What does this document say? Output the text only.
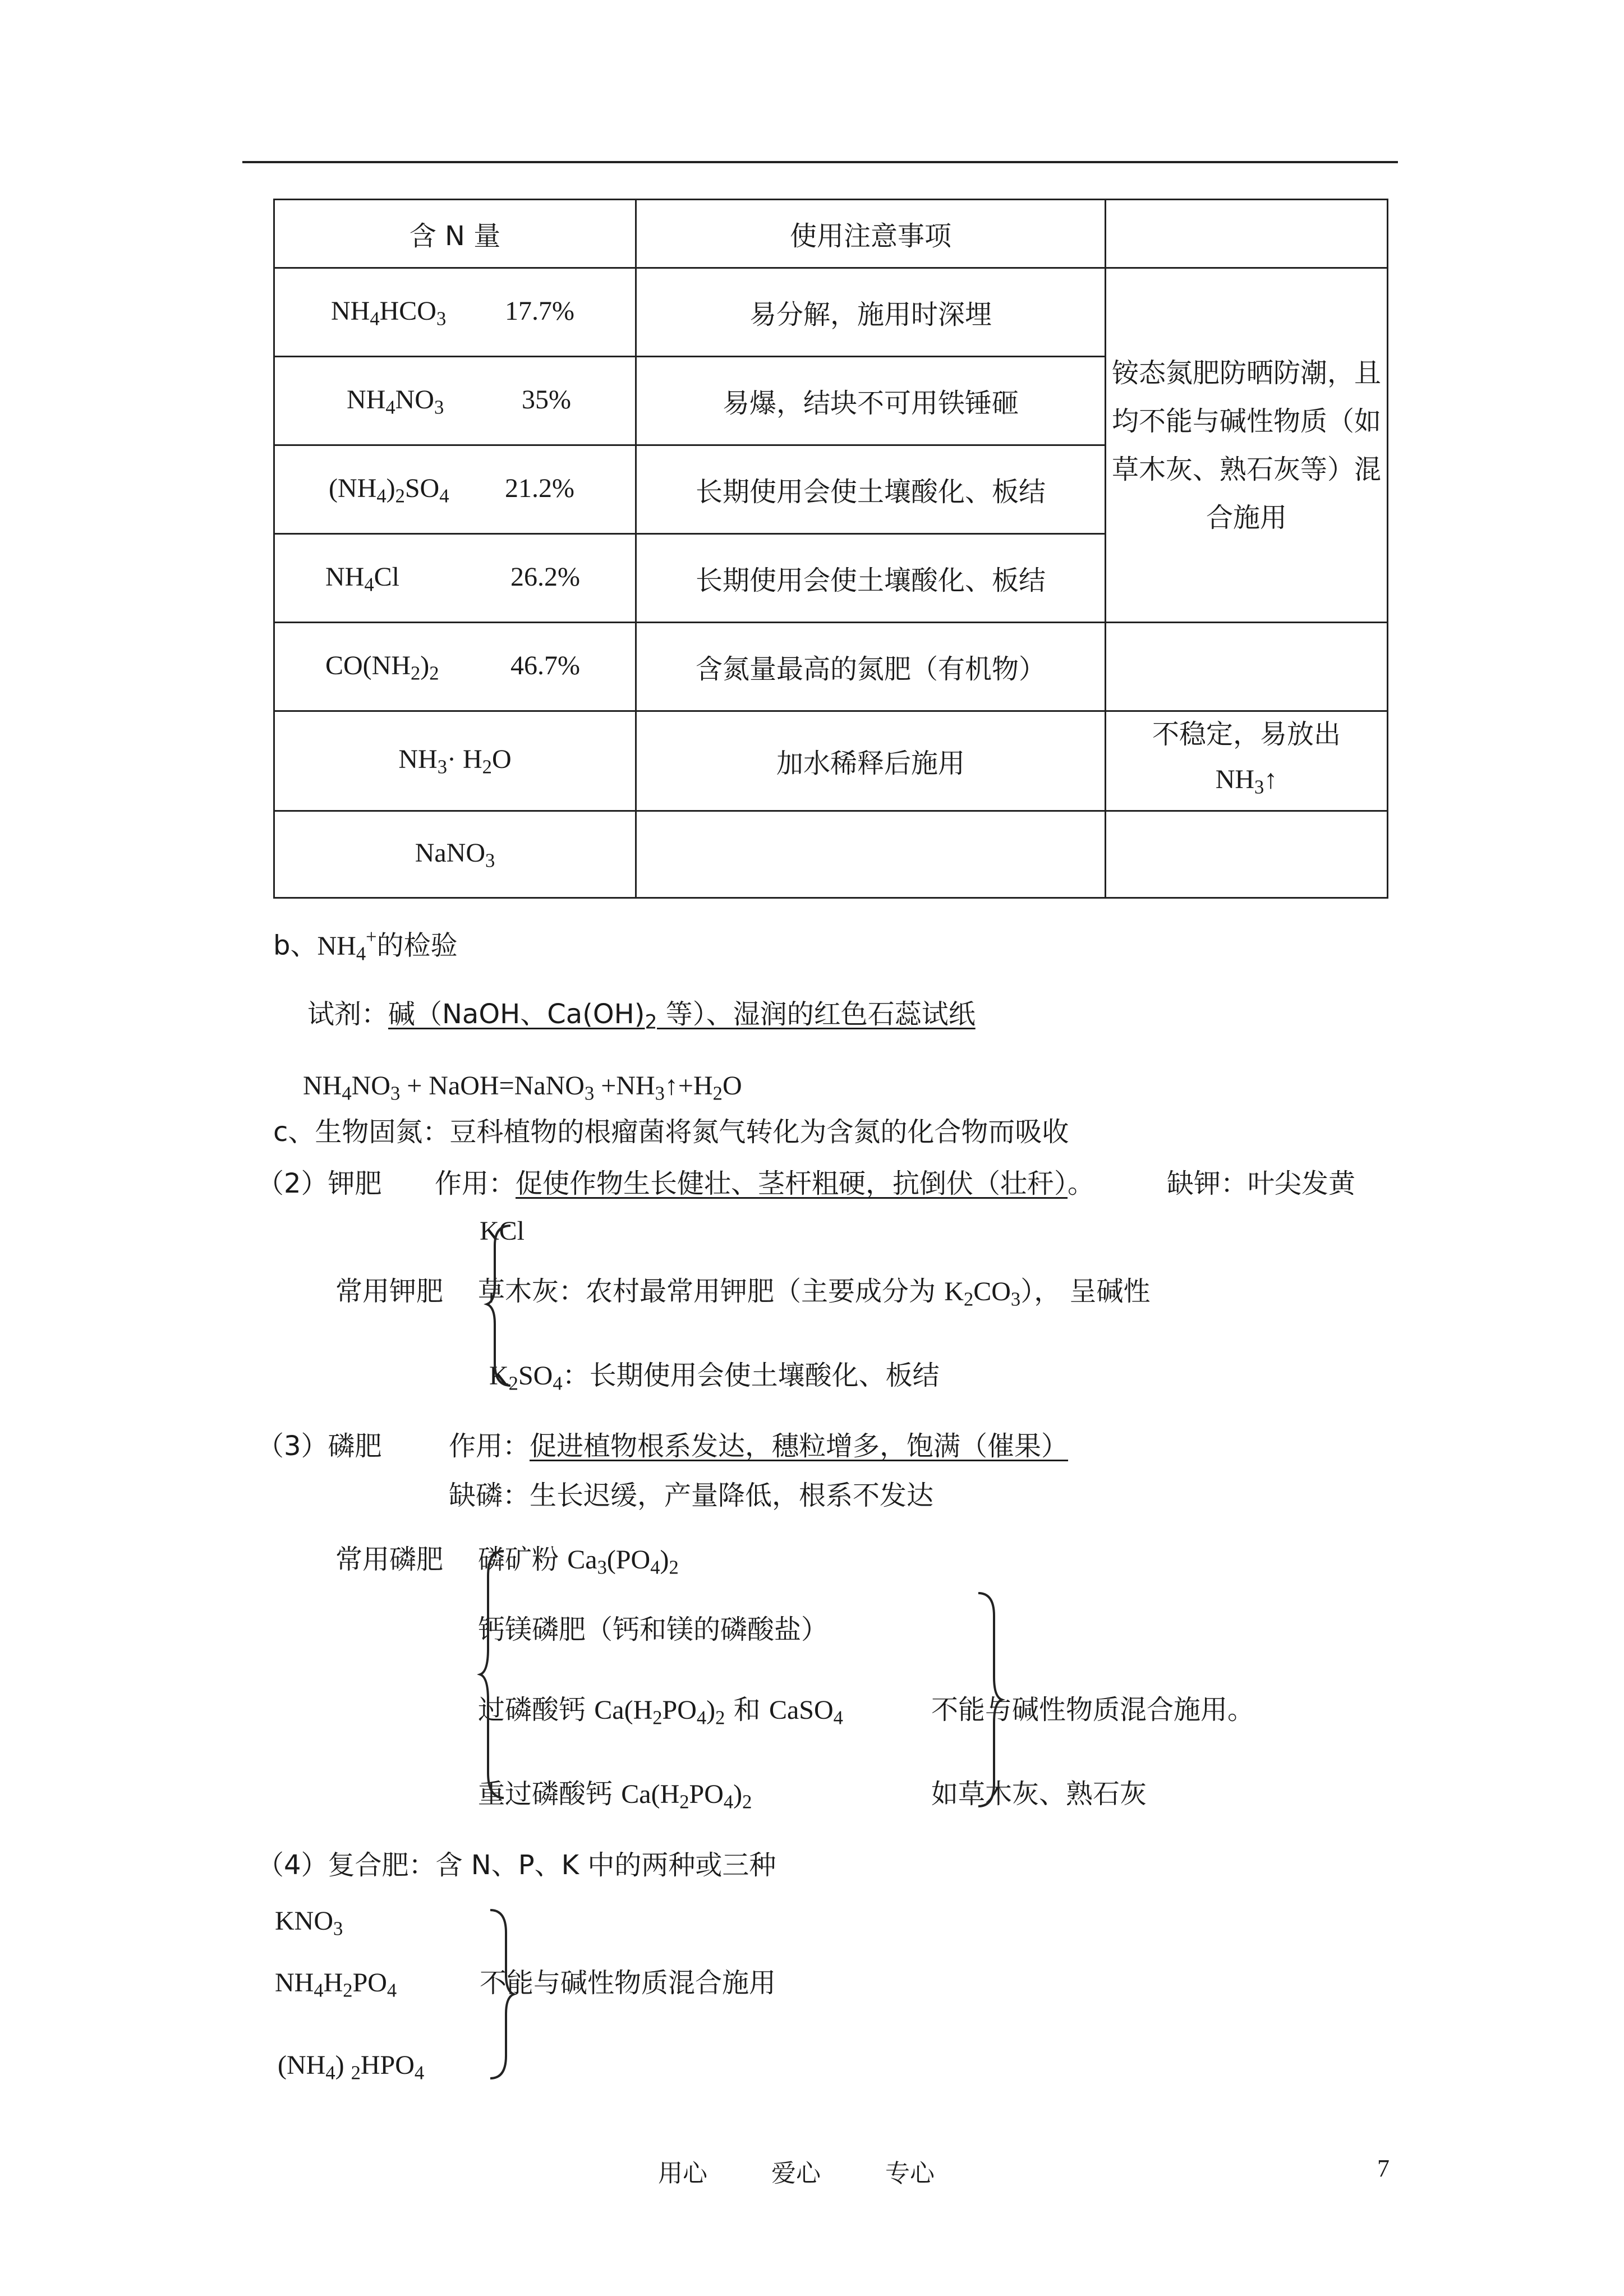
含 N 量	使用注意事项	

$NH_4HCO_3$ 17.7%	易分解，施用时深埋	铵态氮肥防晒防潮，且均不能与碱性物质（如草木灰、熟石灰等）混合施用

$NH_4NO_3$ 35%	易爆，结块不可用铁锤砸	

$(NH_4)_2SO_4$ 21.2%	长期使用会使土壤酸化、板结	

$NH_4Cl$ 26.2%	长期使用会使土壤酸化、板结	

$CO(NH_2)_2$ 46.7%	含氮量最高的氮肥（有机物）	
$NH_3\cdot H_2O$	加水稀释后施用	不稳定，易放出
$NH_3↑$
NaNO$_3$		
b、$NH_4^+$的检验
试剂：碱（NaOH、$Ca(OH)_2$ 等）、湿润的红色石蕊试纸
$NH_4NO_3$ + NaOH=NaNO$_3$ $+NH_3↑+H_2O$
c、生物固氮：豆科植物的根瘤菌将氮气转化为含氮的化合物而吸收
（2）钾肥 作用：促使作物生长健壮、茎杆粗硬，抗倒伏（壮秆）。	缺钾：叶尖发黄
KCl
常用钾肥 草木灰：农村最常用钾肥（主要成分为 $K_2CO_3$）， 呈碱性
$K_2SO_4$：长期使用会使土壤酸化、板结
（3）磷肥 作用：促进植物根系发达，穗粒增多，饱满（催果）
缺磷：生长迟缓，产量降低，根系不发达
常用磷肥 磷矿粉 $Ca_3(PO_4)_2$
钙镁磷肥（钙和镁的磷酸盐）
过磷酸钙 $Ca(H_2PO_4)_2$ 和 CaSO$_4$
重过磷酸钙 $Ca(H_2PO_4)_2$
不能与碱性物质混合施用。
如草木灰、熟石灰
（4）复合肥：含 N、P、K 中的两种或三种
$KNO_3$
$NH_4H_2PO_4$	不能与碱性物质混合施用
$(NH_4)$ $_2HPO_4$
用心	爱心	专心	7
